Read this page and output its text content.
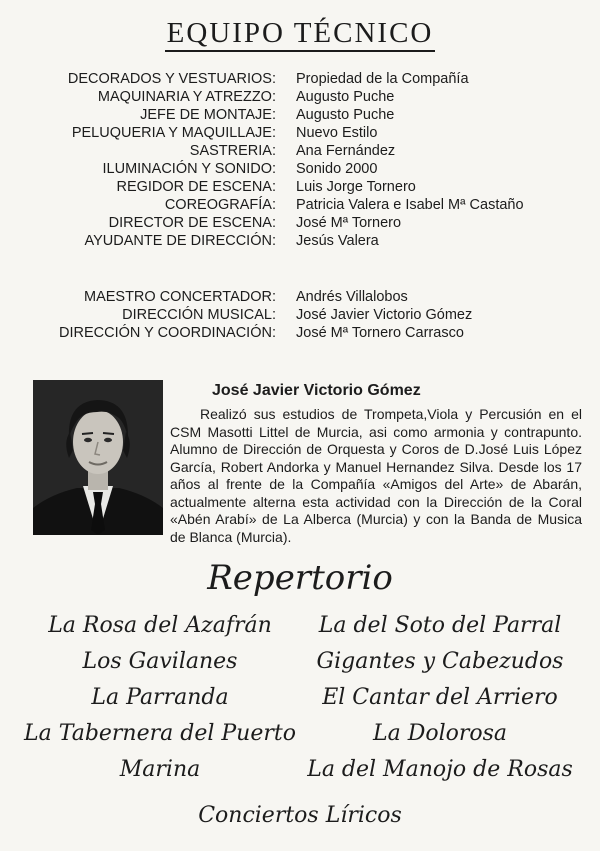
EQUIPO TÉCNICO
DECORADOS Y VESTUARIOS:	Propiedad de la Compañía
MAQUINARIA Y ATREZZO:	Augusto Puche
JEFE DE MONTAJE:	Augusto Puche
PELUQUERIA Y MAQUILLAJE:	Nuevo Estilo
SASTRERIA:	Ana Fernández
ILUMINACIÓN Y SONIDO:	Sonido 2000
REGIDOR DE ESCENA:	Luis Jorge Tornero
COREOGRAFÍA:	Patricia Valera e Isabel Mª Castaño
DIRECTOR DE ESCENA:	José Mª Tornero
AYUDANTE DE DIRECCIÓN:	Jesús Valera
MAESTRO CONCERTADOR:	Andrés Villalobos
DIRECCIÓN MUSICAL:	José Javier Victorio Gómez
DIRECCIÓN Y COORDINACIÓN:	José Mª Tornero Carrasco
José Javier Victorio Gómez
Realizó sus estudios de Trompeta,Viola y Percusión en el CSM Masotti Littel de Murcia, asi como armonia y contrapunto. Alumno de Dirección de Orquesta y Coros de D.José Luis López García, Robert Andorka y Manuel Hernandez Silva. Desde los 17 años al frente de la Compañía «Amigos del Arte» de Abarán, actualmente alterna esta actividad con la Dirección de la Coral «Abén Arabí» de La Alberca (Murcia) y con la Banda de Musica de Blanca (Murcia).
Repertorio
La Rosa del Azafrán	La del Soto del Parral
Los Gavilanes	Gigantes y Cabezudos
La Parranda	El Cantar del Arriero
La Tabernera del Puerto	La Dolorosa
Marina	La del Manojo de Rosas
Conciertos Líricos
